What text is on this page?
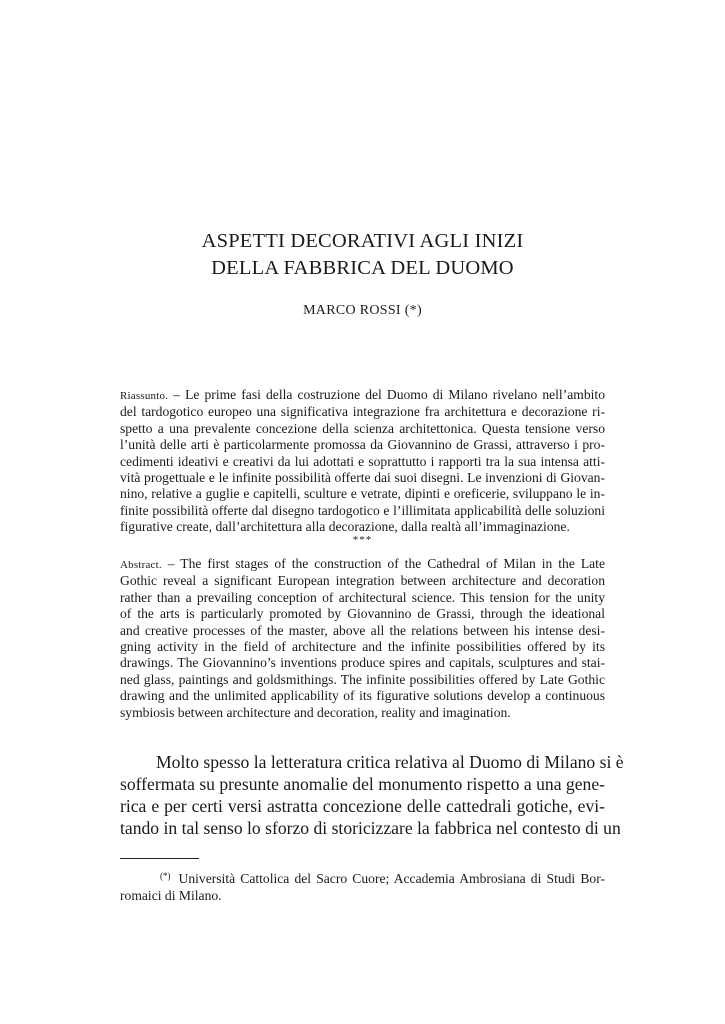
ASPETTI DECORATIVI AGLI INIZI
DELLA FABBRICA DEL DUOMO
MARCO ROSSI (*)
Riassunto. – Le prime fasi della costruzione del Duomo di Milano rivelano nell’ambito
del tardogotico europeo una significativa integrazione fra architettura e decorazione ri-
spetto a una prevalente concezione della scienza architettonica. Questa tensione verso
l’unità delle arti è particolarmente promossa da Giovannino de Grassi, attraverso i pro-
cedimenti ideativi e creativi da lui adottati e soprattutto i rapporti tra la sua intensa atti-
vità progettuale e le infinite possibilità offerte dai suoi disegni. Le invenzioni di Giovan-
nino, relative a guglie e capitelli, sculture e vetrate, dipinti e oreficerie, sviluppano le in-
finite possibilità offerte dal disegno tardogotico e l’illimitata applicabilità delle soluzioni
figurative create, dall’architettura alla decorazione, dalla realtà all’immaginazione.
***
Abstract. – The first stages of the construction of the Cathedral of Milan in the Late
Gothic reveal a significant European integration between architecture and decoration
rather than a prevailing conception of architectural science. This tension for the unity
of the arts is particularly promoted by Giovannino de Grassi, through the ideational
and creative processes of the master, above all the relations between his intense desi-
gning activity in the field of architecture and the infinite possibilities offered by its
drawings. The Giovannino’s inventions produce spires and capitals, sculptures and stai-
ned glass, paintings and goldsmithings. The infinite possibilities offered by Late Gothic
drawing and the unlimited applicability of its figurative solutions develop a continuous
symbiosis between architecture and decoration, reality and imagination.
Molto spesso la letteratura critica relativa al Duomo di Milano si è
soffermata su presunte anomalie del monumento rispetto a una gene-
rica e per certi versi astratta concezione delle cattedrali gotiche, evi-
tando in tal senso lo sforzo di storicizzare la fabbrica nel contesto di un
(*) Università Cattolica del Sacro Cuore; Accademia Ambrosiana di Studi Bor-
romaici di Milano.
